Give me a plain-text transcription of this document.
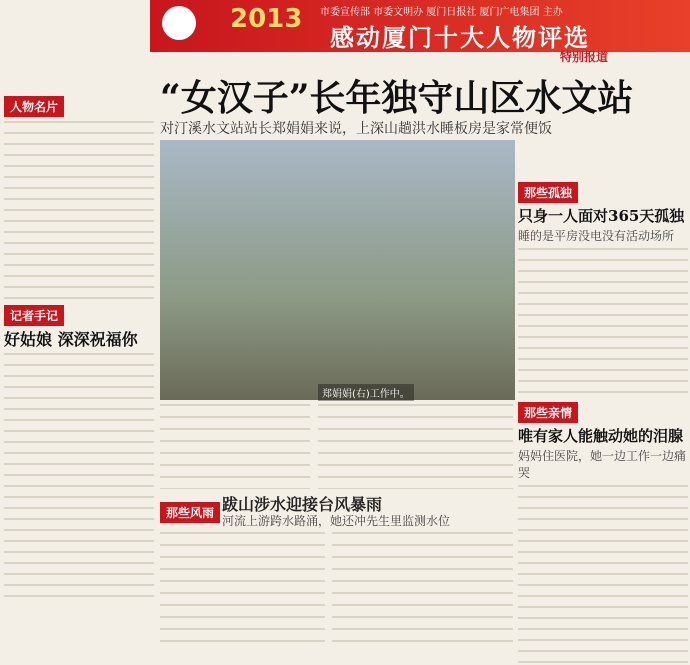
2013 市委宣传部 市委文明办 厦门日报社 厦门广电集团 主办
感动厦门十大人物评选
特别报道
“女汉子”长年独守山区水文站
对汀溪水文站站长郑娟娟来说，上深山趟洪水睡板房是家常便饭
人物名片
记者手记
好姑娘 深深祝福你
郑娟娟(右)工作中。
那些孤独
只身一人面对365天孤独
睡的是平房没电没有活动场所
那些亲情
唯有家人能触动她的泪腺
妈妈住医院，她一边工作一边痛哭
那些风雨 跋山涉水迎接台风暴雨
河流上游跨水路涌，她还冲先生里监测水位
